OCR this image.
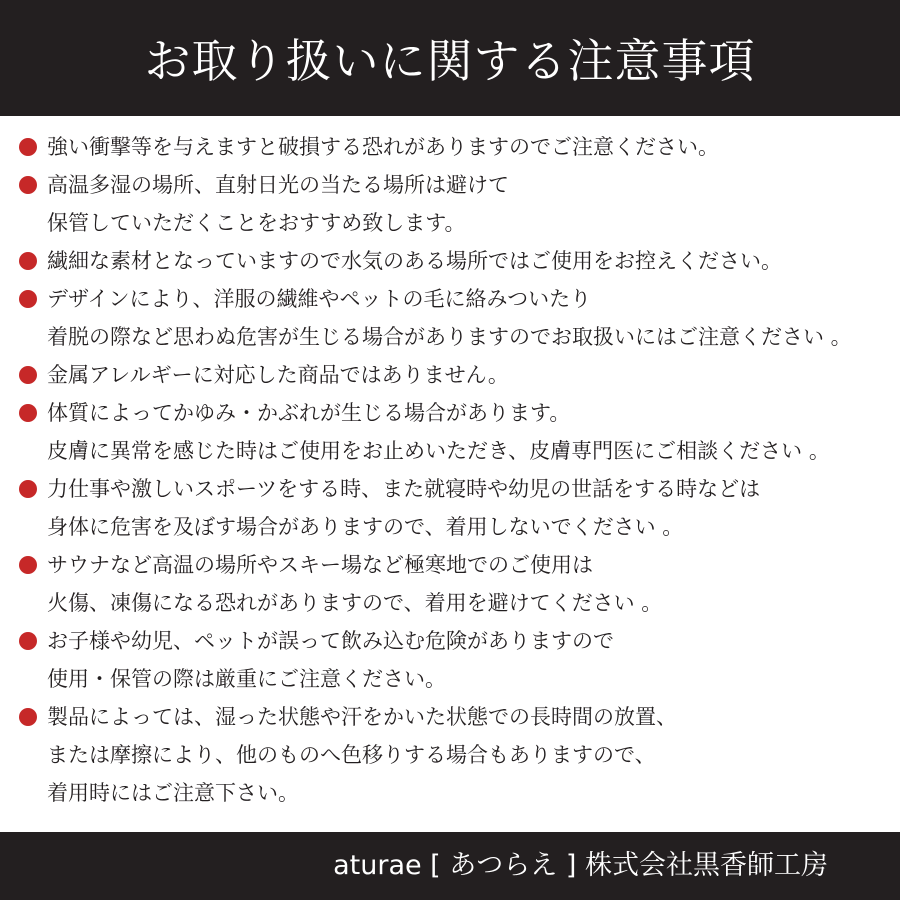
お取り扱いに関する注意事項
強い衝撃等を与えますと破損する恐れがありますのでご注意ください。
高温多湿の場所、直射日光の当たる場所は避けて
保管していただくことをおすすめ致します。
繊細な素材となっていますので水気のある場所ではご使用をお控えください。
デザインにより、洋服の繊維やペットの毛に絡みついたり
着脱の際など思わぬ危害が生じる場合がありますのでお取扱いにはご注意ください 。
金属アレルギーに対応した商品ではありません。
体質によってかゆみ・かぶれが生じる場合があります。
皮膚に異常を感じた時はご使用をお止めいただき、皮膚専門医にご相談ください 。
力仕事や激しいスポーツをする時、また就寝時や幼児の世話をする時などは
身体に危害を及ぼす場合がありますので、着用しないでください 。
サウナなど高温の場所やスキー場など極寒地でのご使用は
火傷、凍傷になる恐れがありますので、着用を避けてください 。
お子様や幼児、ペットが誤って飲み込む危険がありますので
使用・保管の際は厳重にご注意ください。
製品によっては、湿った状態や汗をかいた状態での長時間の放置、
または摩擦により、他のものへ色移りする場合もありますので、
着用時にはご注意下さい。
aturae [ あつらえ ] 株式会社黒香師工房
